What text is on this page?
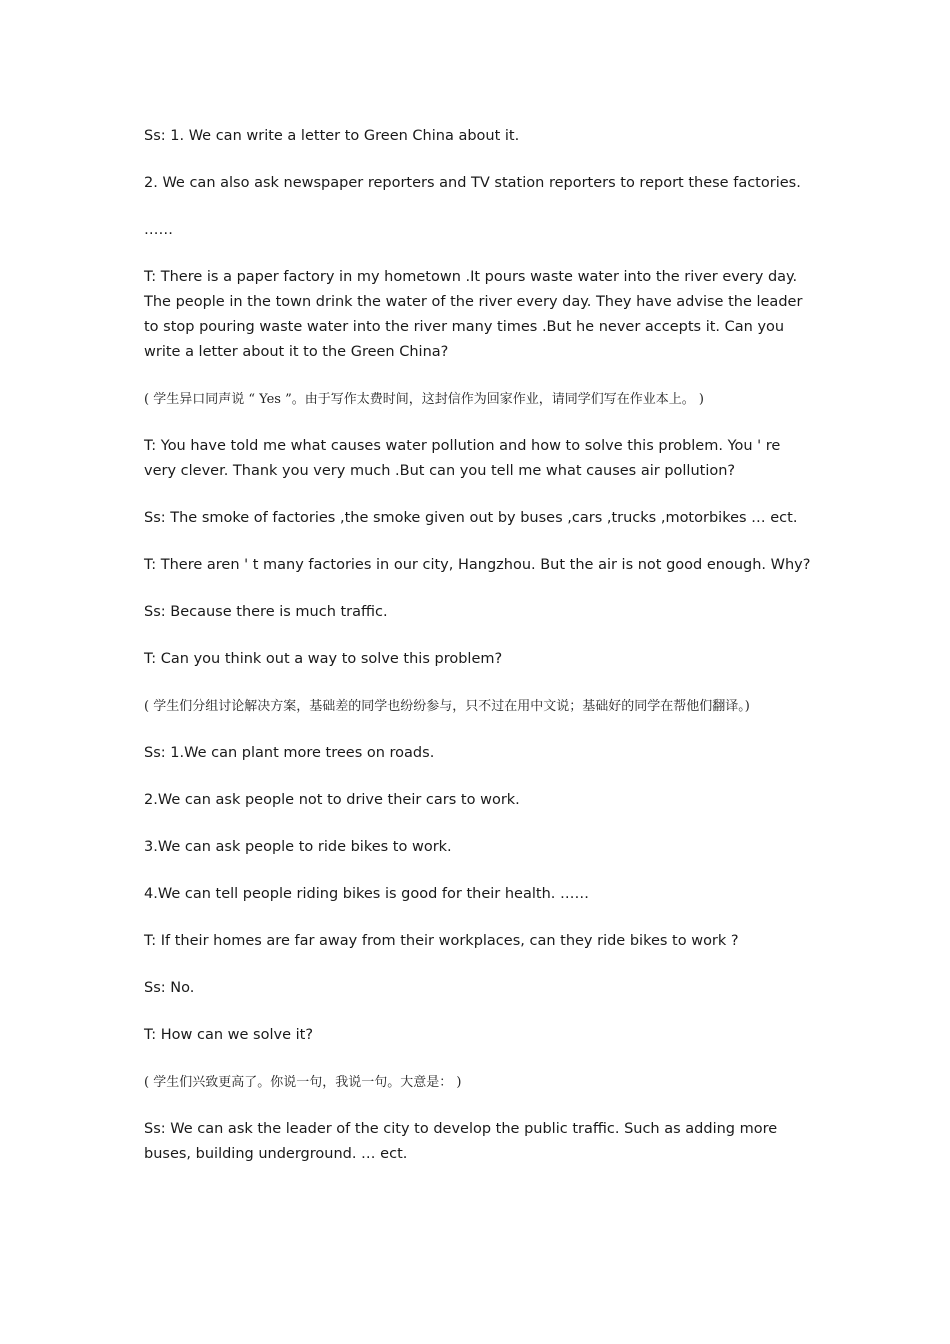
Ss: 1. We can write a letter to Green China about it.

2. We can also ask newspaper reporters and TV station reporters to report these factories.

……

T: There is a paper factory in my hometown .It pours waste water into the river every day. The people in the town drink the water of the river every day. They have advise the leader to stop pouring waste water into the river many times .But he never accepts it. Can you write a letter about it to the Green China?

( 学生异口同声说 “ Yes ”。由于写作太费时间，这封信作为回家作业，请同学们写在作业本上。 )

T: You have told me what causes water pollution and how to solve this problem. You ' re very clever. Thank you very much .But can you tell me what causes air pollution?

Ss: The smoke of factories ,the smoke given out by buses ,cars ,trucks ,motorbikes … ect.

T: There aren ' t many factories in our city, Hangzhou. But the air is not good enough. Why?

Ss: Because there is much traffic.

T: Can you think out a way to solve this problem?

( 学生们分组讨论解决方案，基础差的同学也纷纷参与，只不过在用中文说；基础好的同学在帮他们翻译。)

Ss: 1.We can plant more trees on roads.

2.We can ask people not to drive their cars to work.

3.We can ask people to ride bikes to work.

4.We can tell people riding bikes is good for their health. ……

T: If their homes are far away from their workplaces, can they ride bikes to work ?

Ss: No.

T: How can we solve it?

( 学生们兴致更高了。你说一句，我说一句。大意是： )

Ss: We can ask the leader of the city to develop the public traffic. Such as adding more buses, building underground. … ect.
